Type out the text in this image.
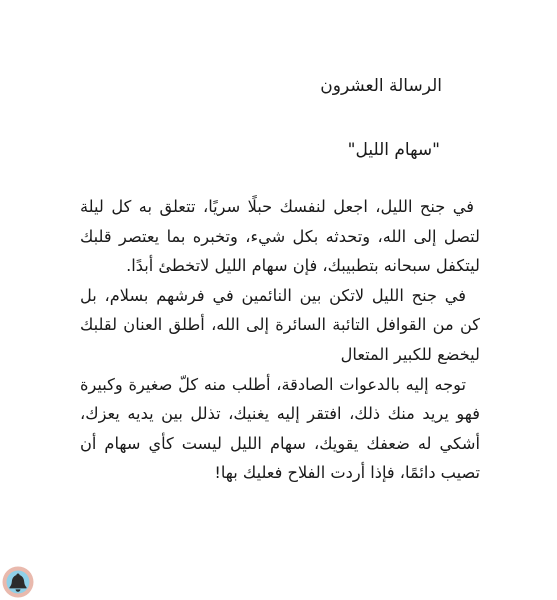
الرسالة العشرون
"سهام الليل"

في جنح الليل، اجعل لنفسك حبلًا سريًا، تتعلق به كل ليلة لتصل إلى الله، وتحدثه بكل شيء، وتخبره بما يعتصر قلبك ليتكفل سبحانه بتطبيبك، فإن سهام الليل لاتخطئ أبدًا.

في جنح الليل لاتكن بين النائمين في فرشهم بسلام، بل كن من القوافل التائبة السائرة إلى الله، أطلق العنان لقلبك ليخضع للكبير المتعال

توجه إليه بالدعوات الصادقة، أطلب منه كلّ صغيرة وكبيرة فهو يريد منك ذلك، افتقر إليه يغنيك، تذلل بين يديه يعزك، أشكي له ضعفك يقويك، سهام الليل ليست كأي سهام أن تصيب دائمًا، فإذا أردت الفلاح فعليك بها!
